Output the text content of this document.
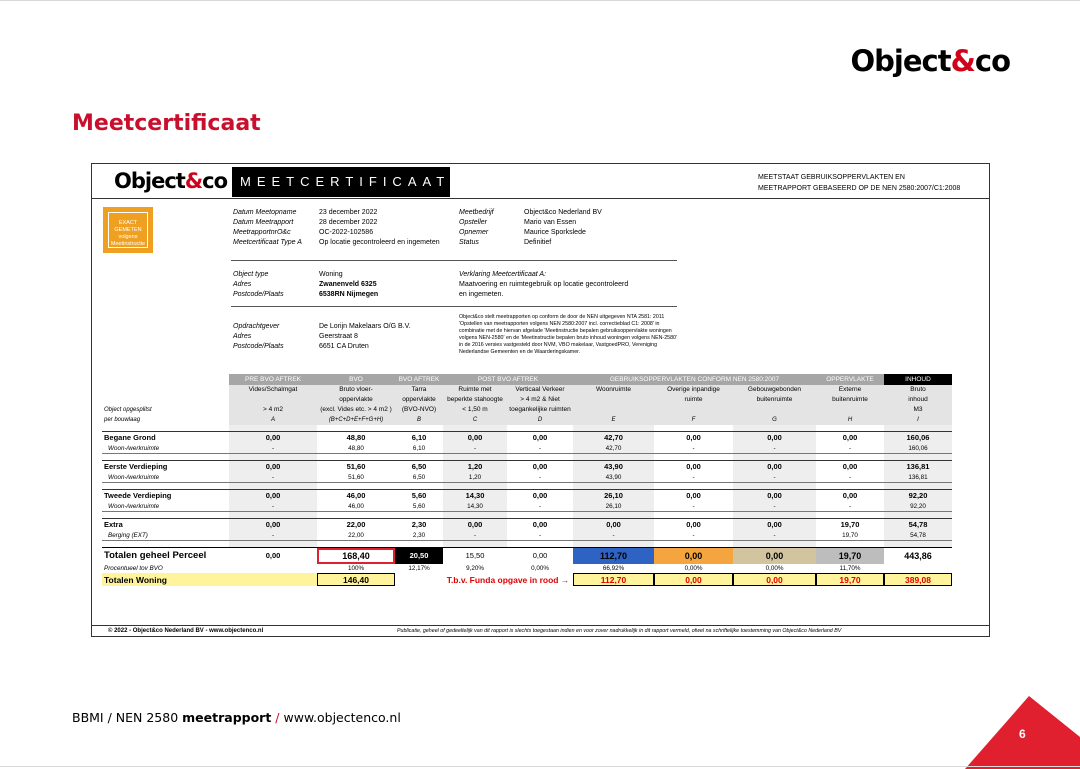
Object&co
Meetcertificaat
Object&co MEETCERTIFICAAT	MEETSTAAT GEBRUIKSOPPERVLAKTEN EN
MEETRAPPORT GEBASEERD OP DE NEN 2580:2007/C1:2008
EXACT
GEMETEN
volgens
Meetinstructie
Datum Meetopname	23 december 2022
Datum Meetrapport	28 december 2022
MeetrapportnrO&c	OC-2022-102586
Meetcertificaat Type A	Op locatie gecontroleerd en ingemeten
Meetbedrijf	Object&co Nederland BV
Opsteller	Mario van Essen
Opnemer	Maurice Sporkslede
Status	Definitief
Object type	Woning
Adres	Zwanenveld 6325
Postcode/Plaats	6538RN Nijmegen
Verklaring Meetcertificaat A:
Maatvoering en ruimtegebruik op locatie gecontroleerd
en ingemeten.
Opdrachtgever	De Lorijn Makelaars O/G B.V.
Adres	Geerstraat 8
Postcode/Plaats	6651 CA Druten
Object&co stelt meetrapporten op conform de door de NEN uitgegeven NTA 2581: 2011 'Opstellen van meetrapporten volgens NEN 2580:2007 incl. correctieblad C1: 2008' in combinatie met de hiervan afgelade 'Meetinstructie bepalen gebruiksoppervlakte woningen volgens NEN-2580' en de 'Meetinstructie bepalen bruto inhoud woningen volgens NEN-2580' in de 2016 versies vastgesteld door NVM, VBO makelaar, VastgoedPRO, Vereniging Nederlandse Gemeenten en de Waarderingskamer.
	PRE BVO AFTREK	BVO	BVO AFTREK	POST BVO AFTREK		GEBRUIKSOPPERVLAKTEN CONFORM NEN 2580:2007			OPPERVLAKTE	INHOUD
	Vides/Schalmgat	Bruto vloer-	Tarra	Ruimte met	Verticaal Verkeer	Woonruimte	Overige inpandige	Gebouwgebonden	Externe	Bruto
		oppervlakte	oppervlakte	beperkte stahoogte	> 4 m2 & Niet		ruimte	buitenruimte	buitenruimte	inhoud
Object opgesplitst	> 4 m2	(excl. Vides etc. > 4 m2 )	(BVO-NVO)	< 1,50 m	toegankelijke ruimten					M3
per bouwlaag	A	(B+C+D+E+F+G+H)	B	C	D	E	F	G	H	I

Begane Grond	0,00	48,80	6,10	0,00	0,00	42,70	0,00	0,00	0,00	160,06
Woon-/werkruimte	-	48,80	6,10	-	-	42,70	-	-	-	160,06

Eerste Verdieping	0,00	51,60	6,50	1,20	0,00	43,90	0,00	0,00	0,00	136,81
Woon-/werkruimte	-	51,60	6,50	1,20	-	43,90	-	-	-	136,81

Tweede Verdieping	0,00	46,00	5,60	14,30	0,00	26,10	0,00	0,00	0,00	92,20
Woon-/werkruimte	-	46,00	5,60	14,30	-	26,10	-	-	-	92,20

Extra	0,00	22,00	2,30	0,00	0,00	0,00	0,00	0,00	19,70	54,78
Berging (EXT)	-	22,00	2,30	-	-	-	-	-	19,70	54,78

Totalen geheel Perceel	0,00	168,40	20,50	15,50	0,00	112,70	0,00	0,00	19,70	443,86
Procentueel tov BVO		100%	12,17%	9,20%	0,00%	66,92%	0,00%	0,00%	11,70%	
Totalen Woning		146,40		T.b.v. Funda opgave in rood →		112,70	0,00	0,00	19,70	389,08
© 2022 - Object&co Nederland BV - www.objectenco.nl	Publicatie, geheel of gedeeltelijk van dit rapport is slechts toegestaan indien en voor zover nadrukkelijk in dit rapport vermeld, ofwel na schriftelijke toestemming van Object&co Nederland BV
BBMI / NEN 2580 meetrapport / www.objectenco.nl
6
